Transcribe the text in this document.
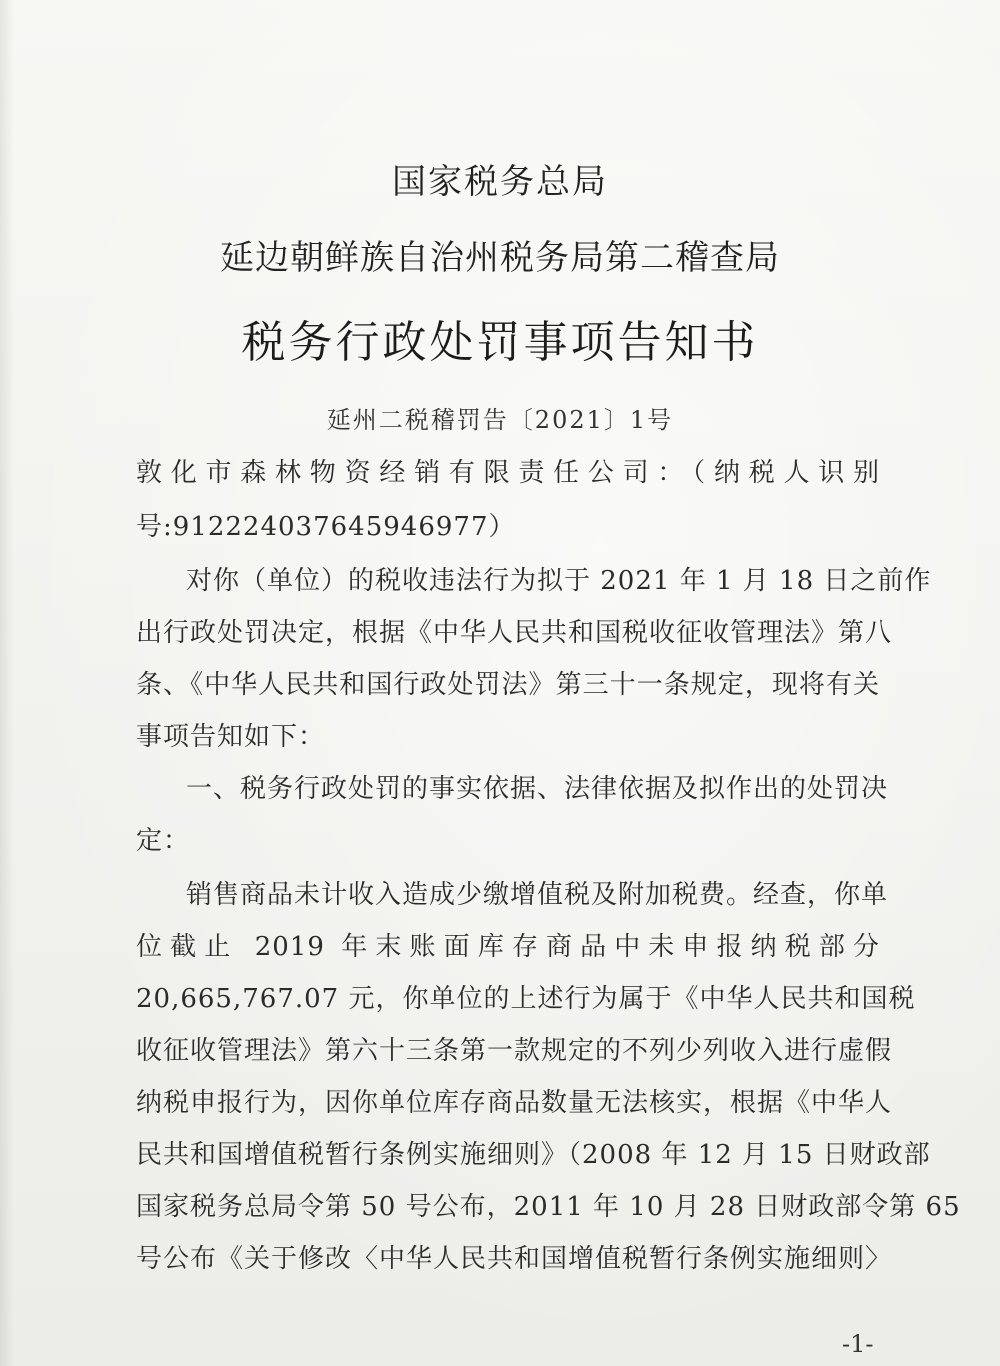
国家税务总局
延边朝鲜族自治州税务局第二稽查局
税务行政处罚事项告知书
延州二税稽罚告〔2021〕1号
敦化市森林物资经销有限责任公司：（纳税人识别
号:912224037645946977）
对你（单位）的税收违法行为拟于 2021 年 1 月 18 日之前作
出行政处罚决定，根据《中华人民共和国税收征收管理法》第八
条、《中华人民共和国行政处罚法》第三十一条规定，现将有关
事项告知如下：
一、税务行政处罚的事实依据、法律依据及拟作出的处罚决
定：
销售商品未计收入造成少缴增值税及附加税费。经查，你单
位截止 2019 年末账面库存商品中未申报纳税部分
20,665,767.07 元，你单位的上述行为属于《中华人民共和国税
收征收管理法》第六十三条第一款规定的不列少列收入进行虚假
纳税申报行为，因你单位库存商品数量无法核实，根据《中华人
民共和国增值税暂行条例实施细则》（2008 年 12 月 15 日财政部
国家税务总局令第 50 号公布，2011 年 10 月 28 日财政部令第 65
号公布《关于修改〈中华人民共和国增值税暂行条例实施细则〉
-1-
